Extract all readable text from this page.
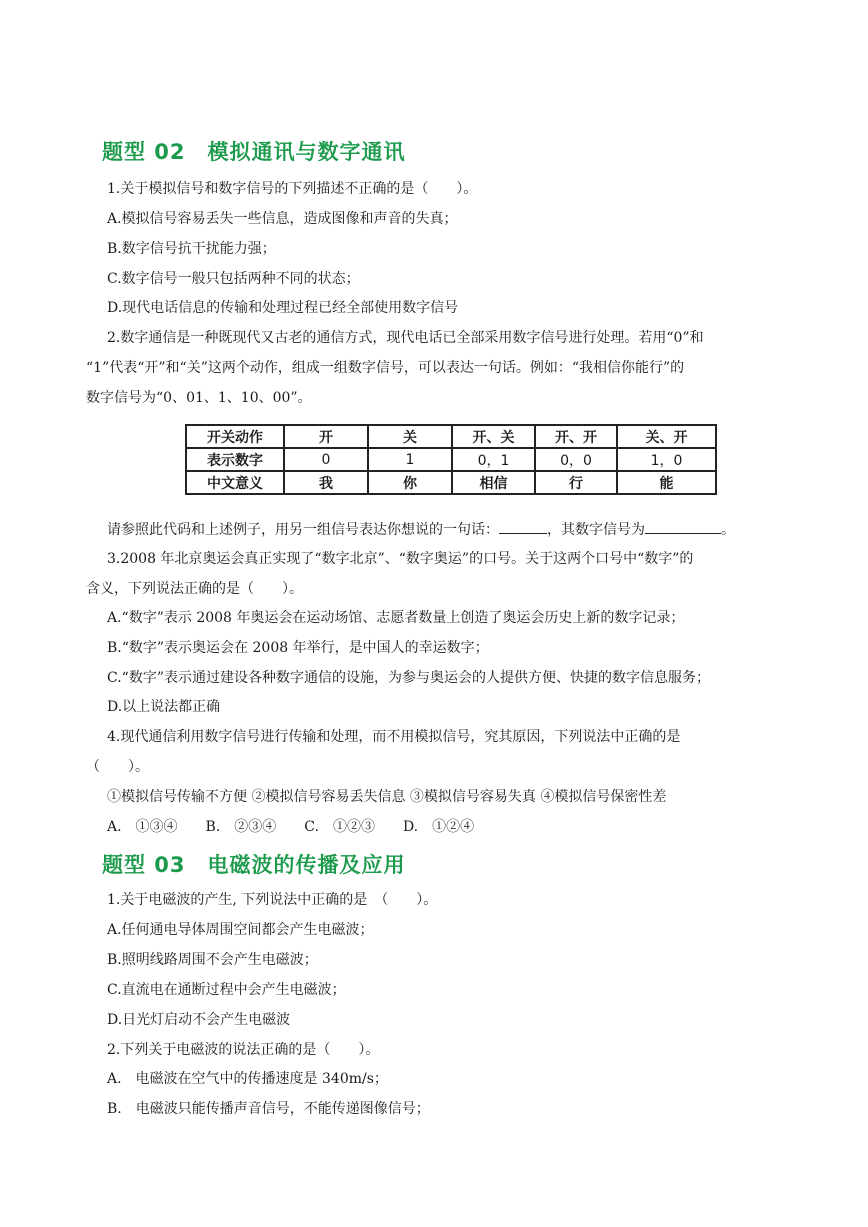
题型 02　模拟通讯与数字通讯
1.关于模拟信号和数字信号的下列描述不正确的是（　　）。
A.模拟信号容易丢失一些信息，造成图像和声音的失真；
B.数字信号抗干扰能力强；
C.数字信号一般只包括两种不同的状态；
D.现代电话信息的传输和处理过程已经全部使用数字信号
2.数字通信是一种既现代又古老的通信方式，现代电话已全部采用数字信号进行处理。若用“0”和
“1”代表“开”和“关”这两个动作，组成一组数字信号，可以表达一句话。例如：“我相信你能行”的
数字信号为“0、01、1、10、00”。
开关动作	开	关	开、关	开、开	关、开
表示数字	0	1	0，1	0，0	1，0
中文意义	我	你	相信	行	能
请参照此代码和上述例子，用另一组信号表达你想说的一句话：	，其数字信号为	。
3.2008 年北京奥运会真正实现了“数字北京”、“数字奥运”的口号。关于这两个口号中“数字”的
含义，下列说法正确的是（　　）。
A.“数字”表示 2008 年奥运会在运动场馆、志愿者数量上创造了奥运会历史上新的数字记录；
B.“数字”表示奥运会在 2008 年举行，是中国人的幸运数字；
C.“数字”表示通过建设各种数字通信的设施，为参与奥运会的人提供方便、快捷的数字信息服务；
D.以上说法都正确
4.现代通信利用数字信号进行传输和处理，而不用模拟信号，究其原因，下列说法中正确的是
（　　）。
①模拟信号传输不方便 ②模拟信号容易丢失信息 ③模拟信号容易失真 ④模拟信号保密性差
A.　①③④　　B.　②③④　　C.　①②③　　D.　①②④
题型 03　电磁波的传播及应用
1.关于电磁波的产生, 下列说法中正确的是　（　　）。
A.任何通电导体周围空间都会产生电磁波；
B.照明线路周围不会产生电磁波；
C.直流电在通断过程中会产生电磁波；
D.日光灯启动不会产生电磁波
2.下列关于电磁波的说法正确的是（　　）。
A.　电磁波在空气中的传播速度是 340m/s；
B.　电磁波只能传播声音信号，不能传递图像信号；
